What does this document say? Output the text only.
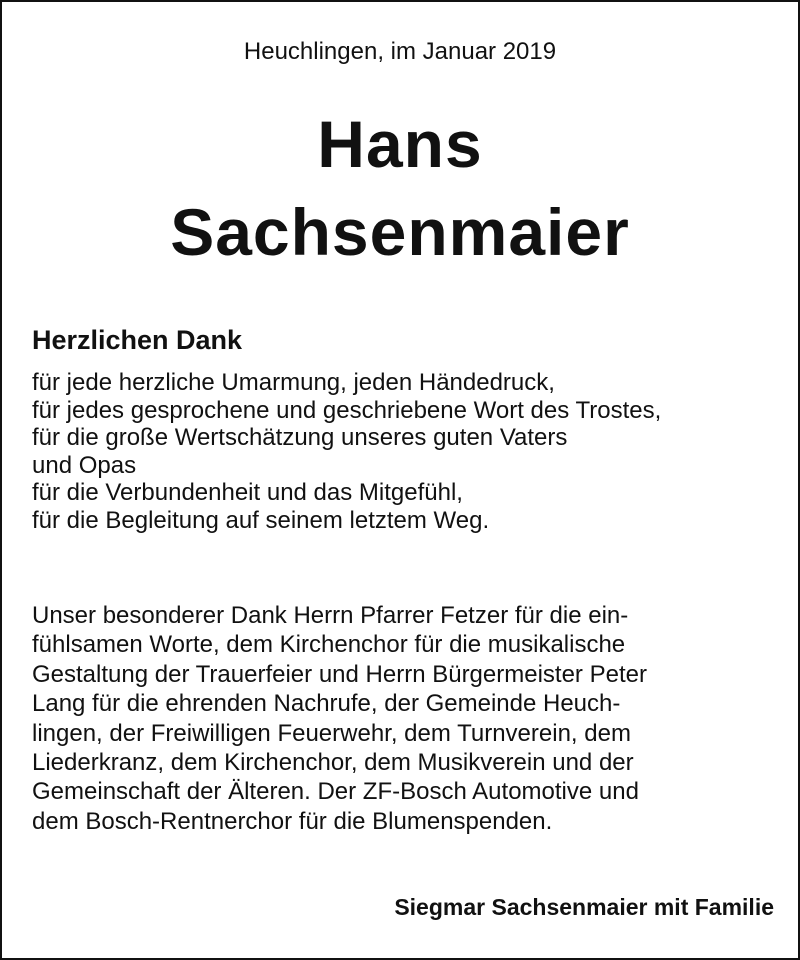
Heuchlingen, im Januar 2019
Hans
Sachsenmaier
Herzlichen Dank
für jede herzliche Umarmung, jeden Händedruck,
für jedes gesprochene und geschriebene Wort des Trostes,
für die große Wertschätzung unseres guten Vaters
und Opas
für die Verbundenheit und das Mitgefühl,
für die Begleitung auf seinem letztem Weg.
Unser besonderer Dank Herrn Pfarrer Fetzer für die ein-
fühlsamen Worte, dem Kirchenchor für die musikalische
Gestaltung der Trauerfeier und Herrn Bürgermeister Peter
Lang für die ehrenden Nachrufe, der Gemeinde Heuch-
lingen, der Freiwilligen Feuerwehr, dem Turnverein, dem
Liederkranz, dem Kirchenchor, dem Musikverein und der
Gemeinschaft der Älteren. Der ZF-Bosch Automotive und
dem Bosch-Rentnerchor für die Blumenspenden.
Siegmar Sachsenmaier mit Familie
